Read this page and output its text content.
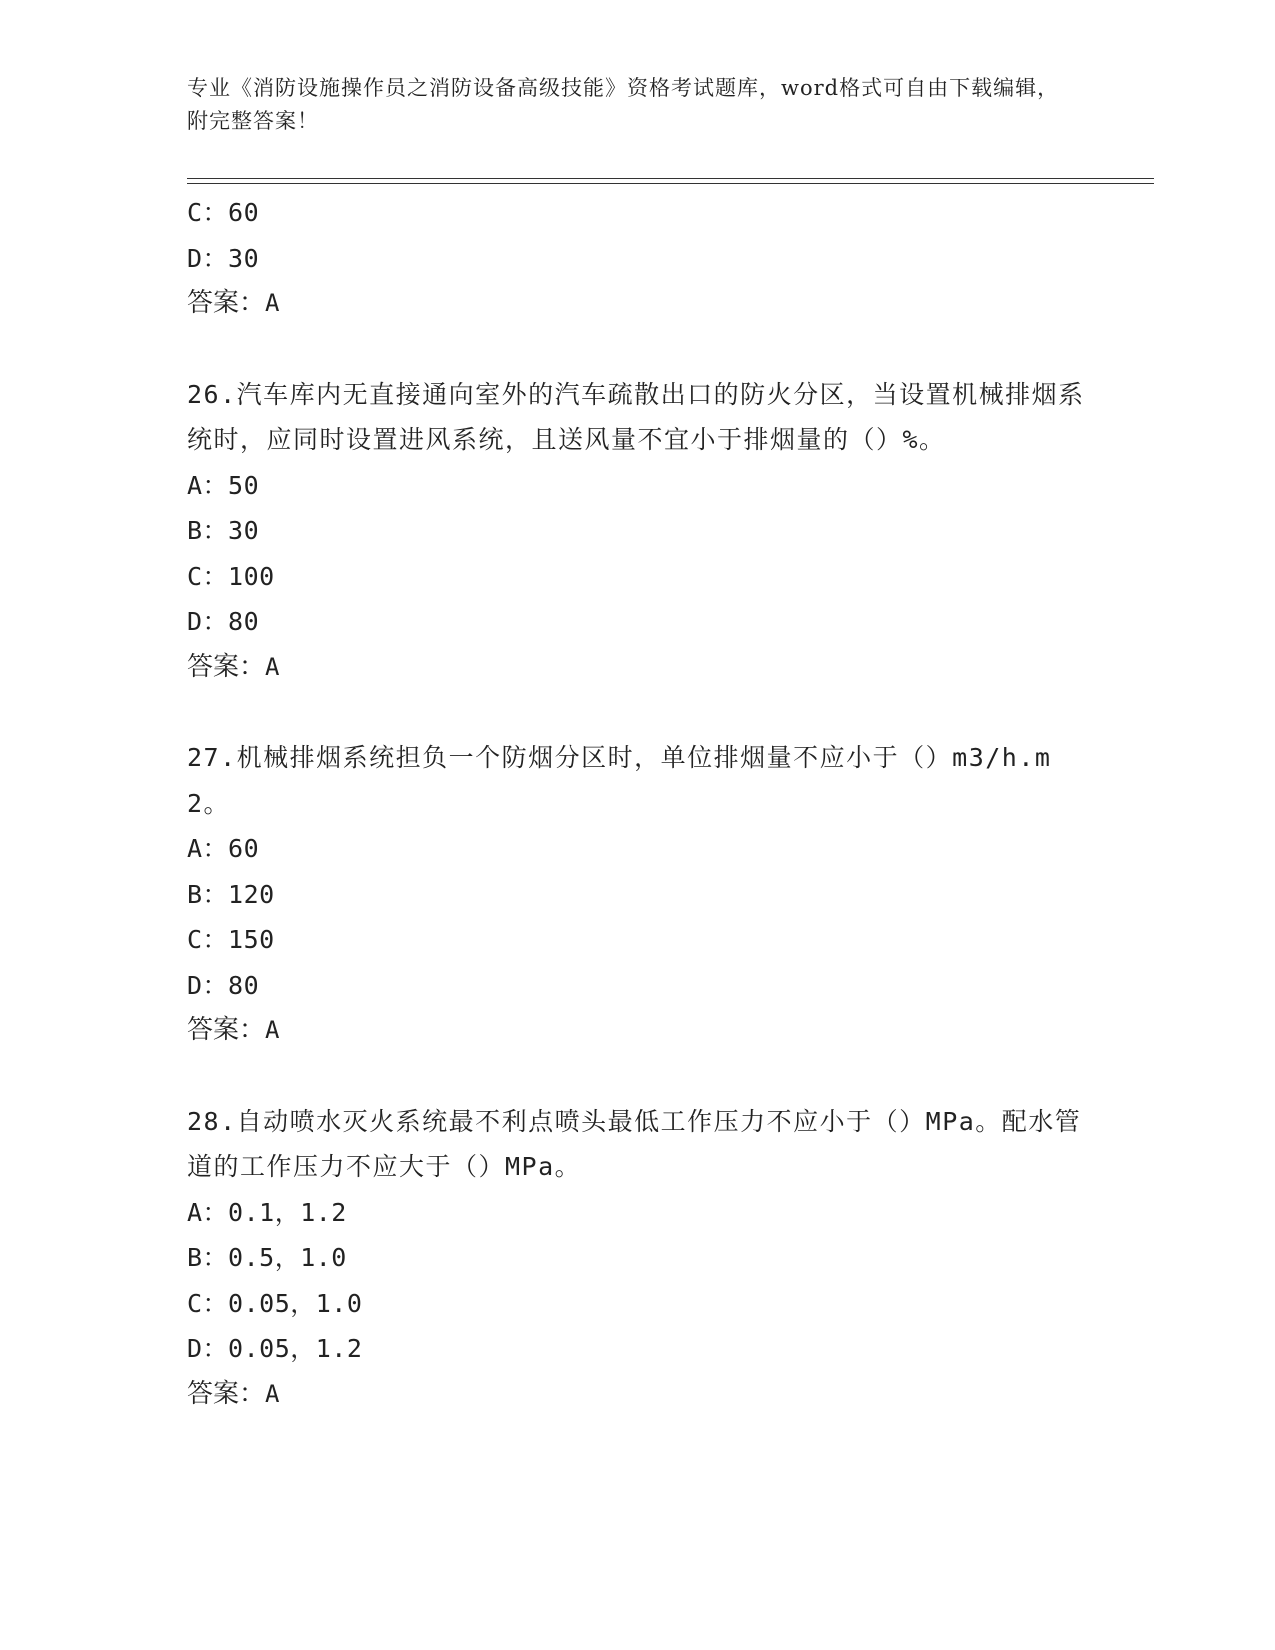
专业《消防设施操作员之消防设备高级技能》资格考试题库，word格式可自由下载编辑，附完整答案！
C：60
D：30
答案：A
26.汽车库内无直接通向室外的汽车疏散出口的防火分区，当设置机械排烟系统时，应同时设置进风系统，且送风量不宜小于排烟量的（）%。
A：50
B：30
C：100
D：80
答案：A
27.机械排烟系统担负一个防烟分区时，单位排烟量不应小于（）m3/h.m2。
A：60
B：120
C：150
D：80
答案：A
28.自动喷水灭火系统最不利点喷头最低工作压力不应小于（）MPa。配水管道的工作压力不应大于（）MPa。
A：0.1，1.2
B：0.5，1.0
C：0.05，1.0
D：0.05，1.2
答案：A
